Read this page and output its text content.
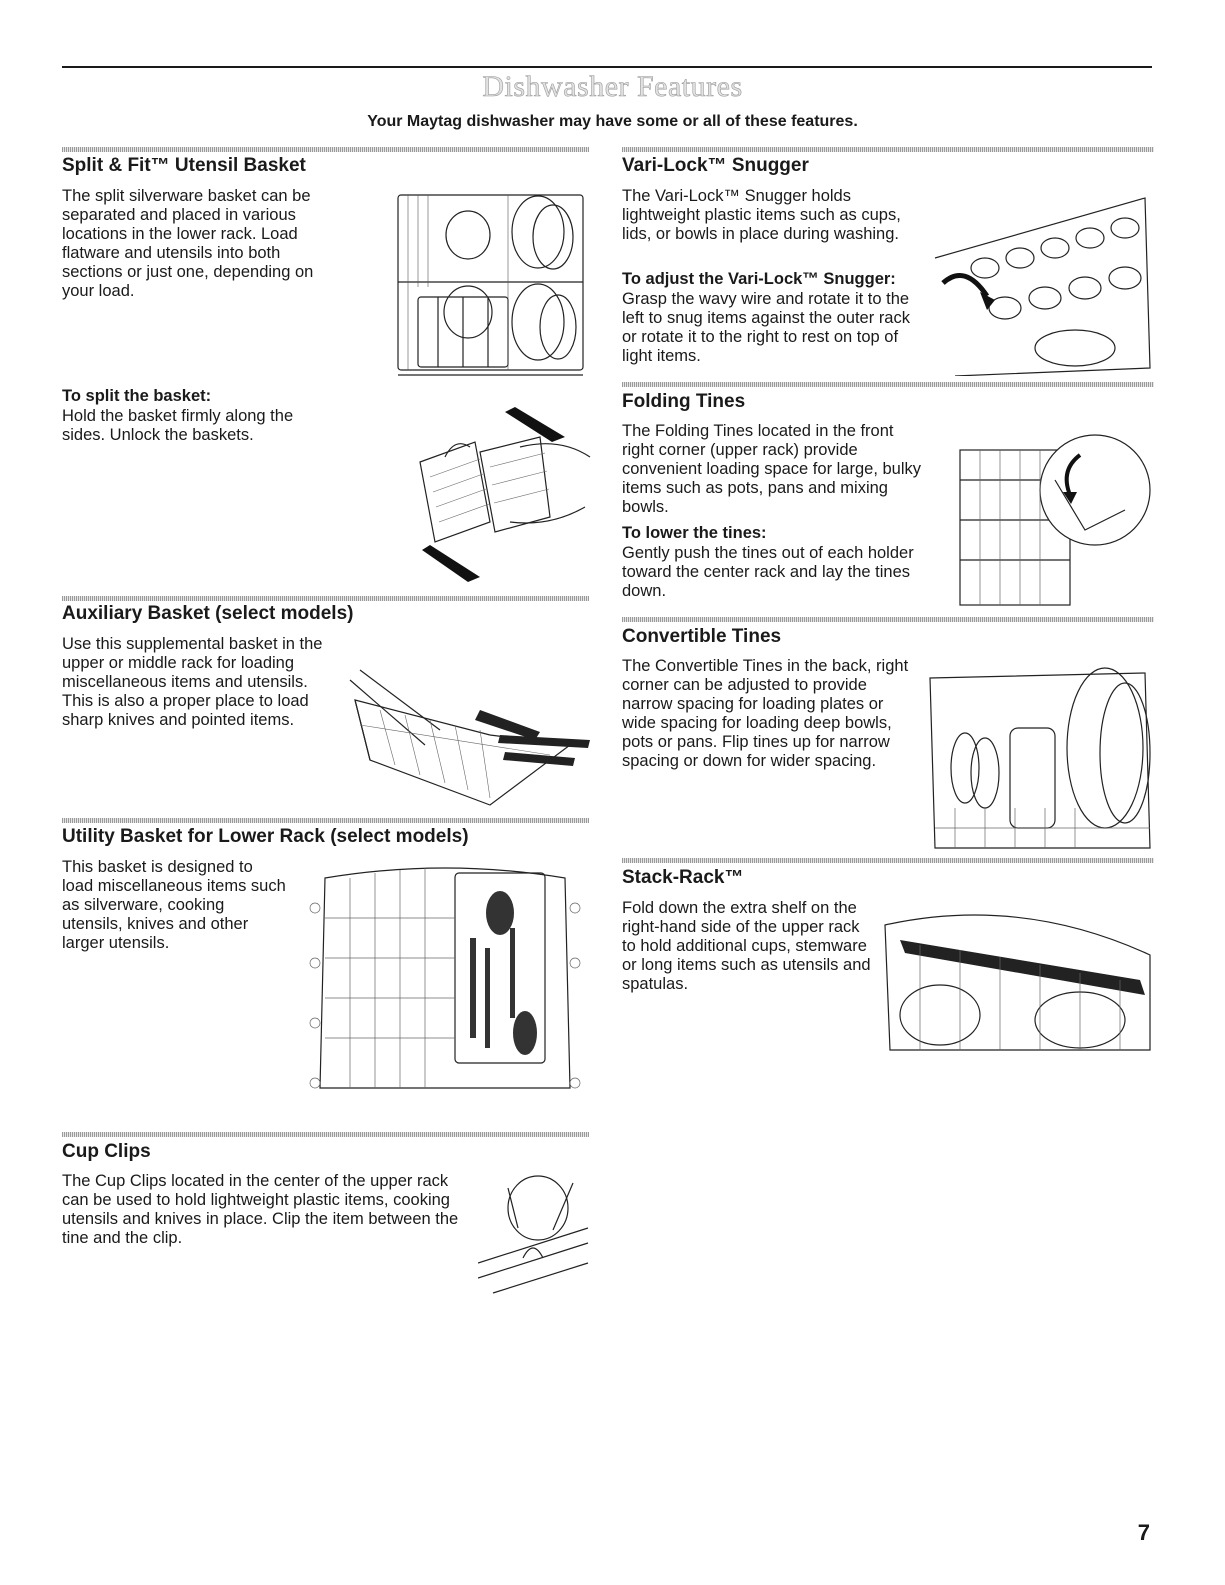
Dishwasher Features
Your Maytag dishwasher may have some or all of these features.
Split & Fit™ Utensil Basket

The split silverware basket can be separated and placed in various locations in the lower rack. Load flatware and utensils into both sections or just one, depending on your load.

To split the basket:

Hold the basket firmly along the sides. Unlock the baskets.

Auxiliary Basket (select models)

Use this supplemental basket in the upper or middle rack for loading miscellaneous items and utensils. This is also a proper place to load sharp knives and pointed items.

Utility Basket for Lower Rack (select models)

This basket is designed to load miscellaneous items such as silverware, cooking utensils, knives and other larger utensils.

Cup Clips

The Cup Clips located in the center of the upper rack can be used to hold lightweight plastic items, cooking utensils and knives in place. Clip the item between the tine and the clip.

Vari-Lock™ Snugger

The Vari-Lock™ Snugger holds lightweight plastic items such as cups, lids, or bowls in place during washing.

To adjust the Vari-Lock™ Snugger:

Grasp the wavy wire and rotate it to the left to snug items against the outer rack or rotate it to the right to rest on top of light items.

Folding Tines

The Folding Tines located in the front right corner (upper rack) provide convenient loading space for large, bulky items such as pots, pans and mixing bowls.

To lower the tines:

Gently push the tines out of each holder toward the center rack and lay the tines down.

Convertible Tines

The Convertible Tines in the back, right corner can be adjusted to provide narrow spacing for loading plates or wide spacing for loading deep bowls, pots or pans. Flip tines up for narrow spacing or down for wider spacing.

Stack-Rack™

Fold down the extra shelf on the right-hand side of the upper rack to hold additional cups, stemware or long items such as utensils and spatulas.

7
